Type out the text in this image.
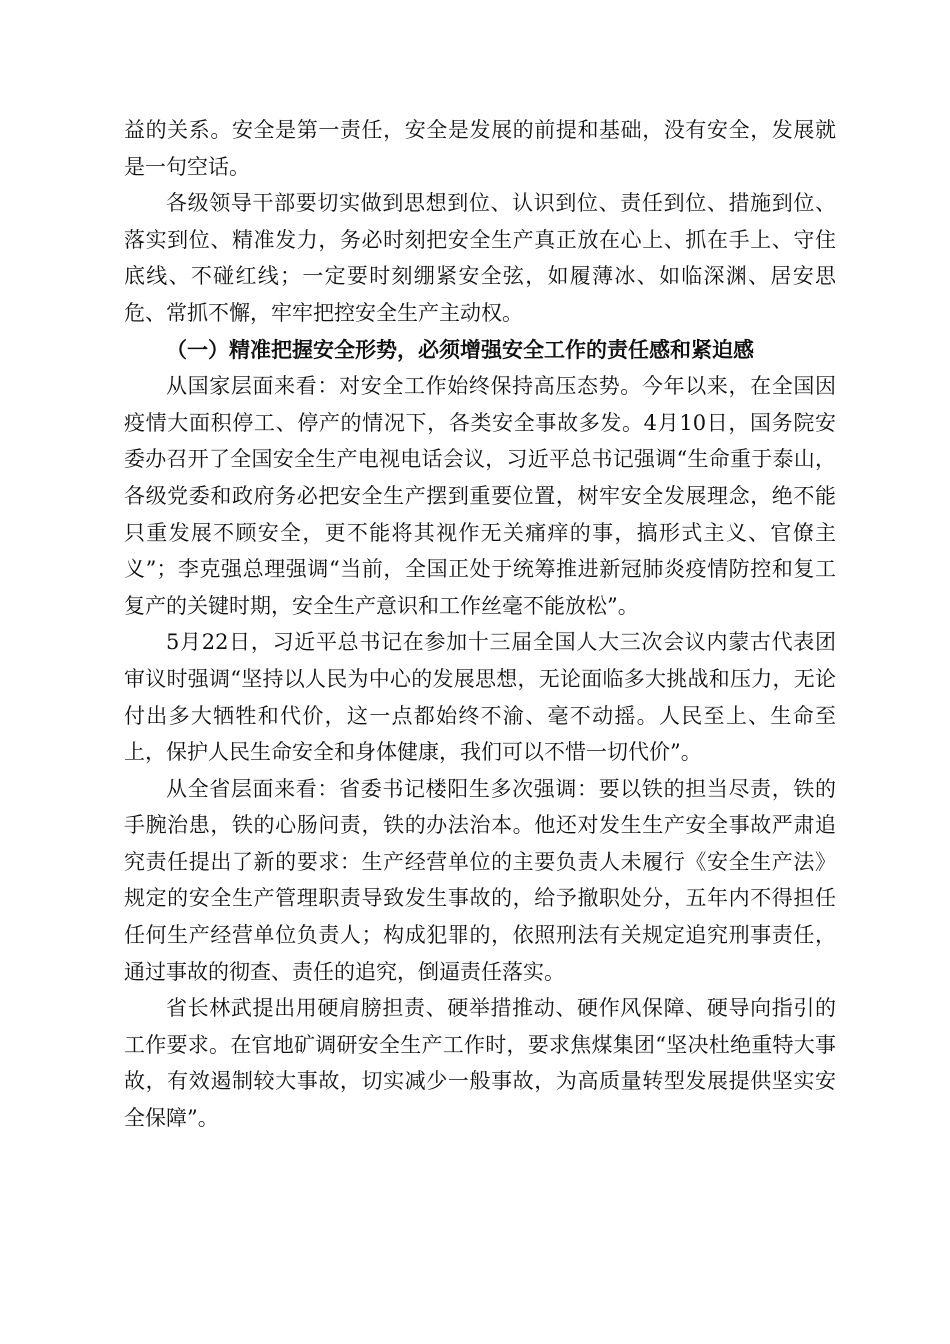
益的关系。安全是第一责任，安全是发展的前提和基础，没有安全，发展就是一句空话。

各级领导干部要切实做到思想到位、认识到位、责任到位、措施到位、落实到位、精准发力，务必时刻把安全生产真正放在心上、抓在手上、守住底线、不碰红线；一定要时刻绷紧安全弦，如履薄冰、如临深渊、居安思危、常抓不懈，牢牢把控安全生产主动权。

（一）精准把握安全形势，必须增强安全工作的责任感和紧迫感

从国家层面来看：对安全工作始终保持高压态势。今年以来，在全国因疫情大面积停工、停产的情况下，各类安全事故多发。4月10日，国务院安委办召开了全国安全生产电视电话会议，习近平总书记强调“生命重于泰山，各级党委和政府务必把安全生产摆到重要位置，树牢安全发展理念，绝不能只重发展不顾安全，更不能将其视作无关痛痒的事，搞形式主义、官僚主义”；李克强总理强调“当前，全国正处于统筹推进新冠肺炎疫情防控和复工复产的关键时期，安全生产意识和工作丝毫不能放松”。

5月22日，习近平总书记在参加十三届全国人大三次会议内蒙古代表团审议时强调“坚持以人民为中心的发展思想，无论面临多大挑战和压力，无论付出多大牺牲和代价，这一点都始终不渝、毫不动摇。人民至上、生命至上，保护人民生命安全和身体健康，我们可以不惜一切代价”。

从全省层面来看：省委书记楼阳生多次强调：要以铁的担当尽责，铁的手腕治患，铁的心肠问责，铁的办法治本。他还对发生生产安全事故严肃追究责任提出了新的要求：生产经营单位的主要负责人未履行《安全生产法》规定的安全生产管理职责导致发生事故的，给予撤职处分，五年内不得担任任何生产经营单位负责人；构成犯罪的，依照刑法有关规定追究刑事责任，通过事故的彻查、责任的追究，倒逼责任落实。

省长林武提出用硬肩膀担责、硬举措推动、硬作风保障、硬导向指引的工作要求。在官地矿调研安全生产工作时，要求焦煤集团“坚决杜绝重特大事故，有效遏制较大事故，切实减少一般事故，为高质量转型发展提供坚实安全保障”。
